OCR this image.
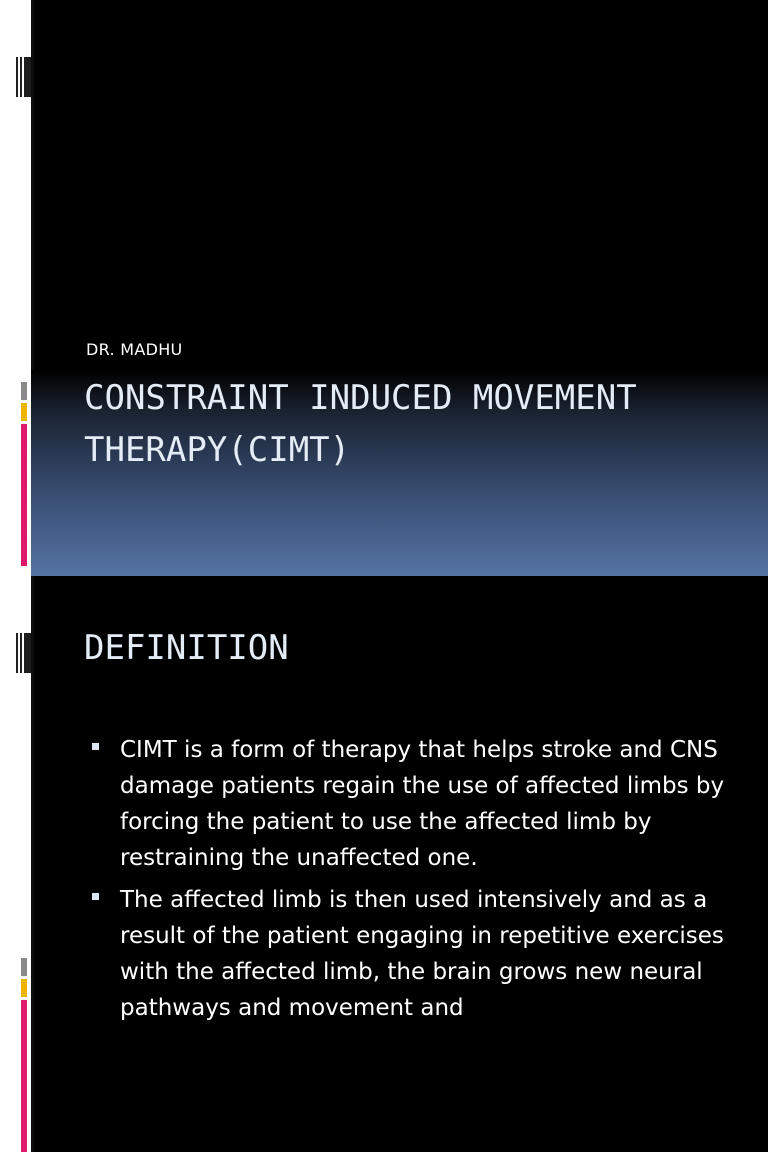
DR. MADHU
CONSTRAINT INDUCED MOVEMENT THERAPY(CIMT)
DEFINITION
CIMT is a form of therapy that helps stroke and CNS damage patients regain the use of affected limbs by forcing the patient to use the affected limb by restraining the unaffected one.
The affected limb is then used intensively and as a result of the patient engaging in repetitive exercises with the affected limb, the brain grows new neural pathways and movement and
